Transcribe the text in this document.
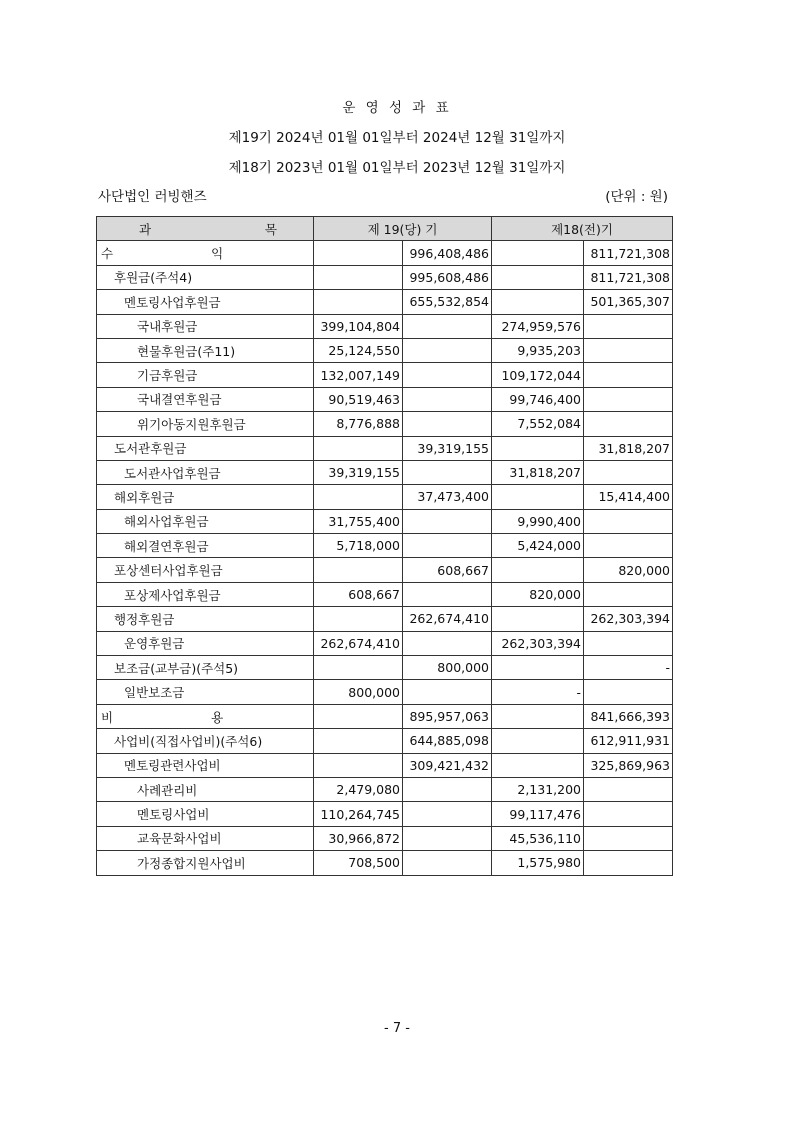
운 영 성 과 표
제19기 2024년 01월 01일부터 2024년 12월 31일까지
제18기 2023년 01월 01일부터 2023년 12월 31일까지
사단법인 러빙핸즈	(단위 : 원)
과 목	제 19(당) 기		제18(전)기	

수 익		996,408,486		811,721,308
후원금(주석4)		995,608,486		811,721,308
멘토링사업후원금		655,532,854		501,365,307
국내후원금	399,104,804		274,959,576	
현물후원금(주11)	25,124,550		9,935,203	
기금후원금	132,007,149		109,172,044	
국내결연후원금	90,519,463		99,746,400	
위기아동지원후원금	8,776,888		7,552,084	
도서관후원금		39,319,155		31,818,207
도서관사업후원금	39,319,155		31,818,207	
해외후원금		37,473,400		15,414,400
해외사업후원금	31,755,400		9,990,400	
해외결연후원금	5,718,000		5,424,000	
포상센터사업후원금		608,667		820,000
포상제사업후원금	608,667		820,000	
행정후원금		262,674,410		262,303,394
운영후원금	262,674,410		262,303,394	
보조금(교부금)(주석5)		800,000		-
일반보조금	800,000		-	

비 용		895,957,063		841,666,393
사업비(직접사업비)(주석6)		644,885,098		612,911,931
멘토링관련사업비		309,421,432		325,869,963
사례관리비	2,479,080		2,131,200	
멘토링사업비	110,264,745		99,117,476	
교육문화사업비	30,966,872		45,536,110	
가정종합지원사업비	708,500		1,575,980	
- 7 -
